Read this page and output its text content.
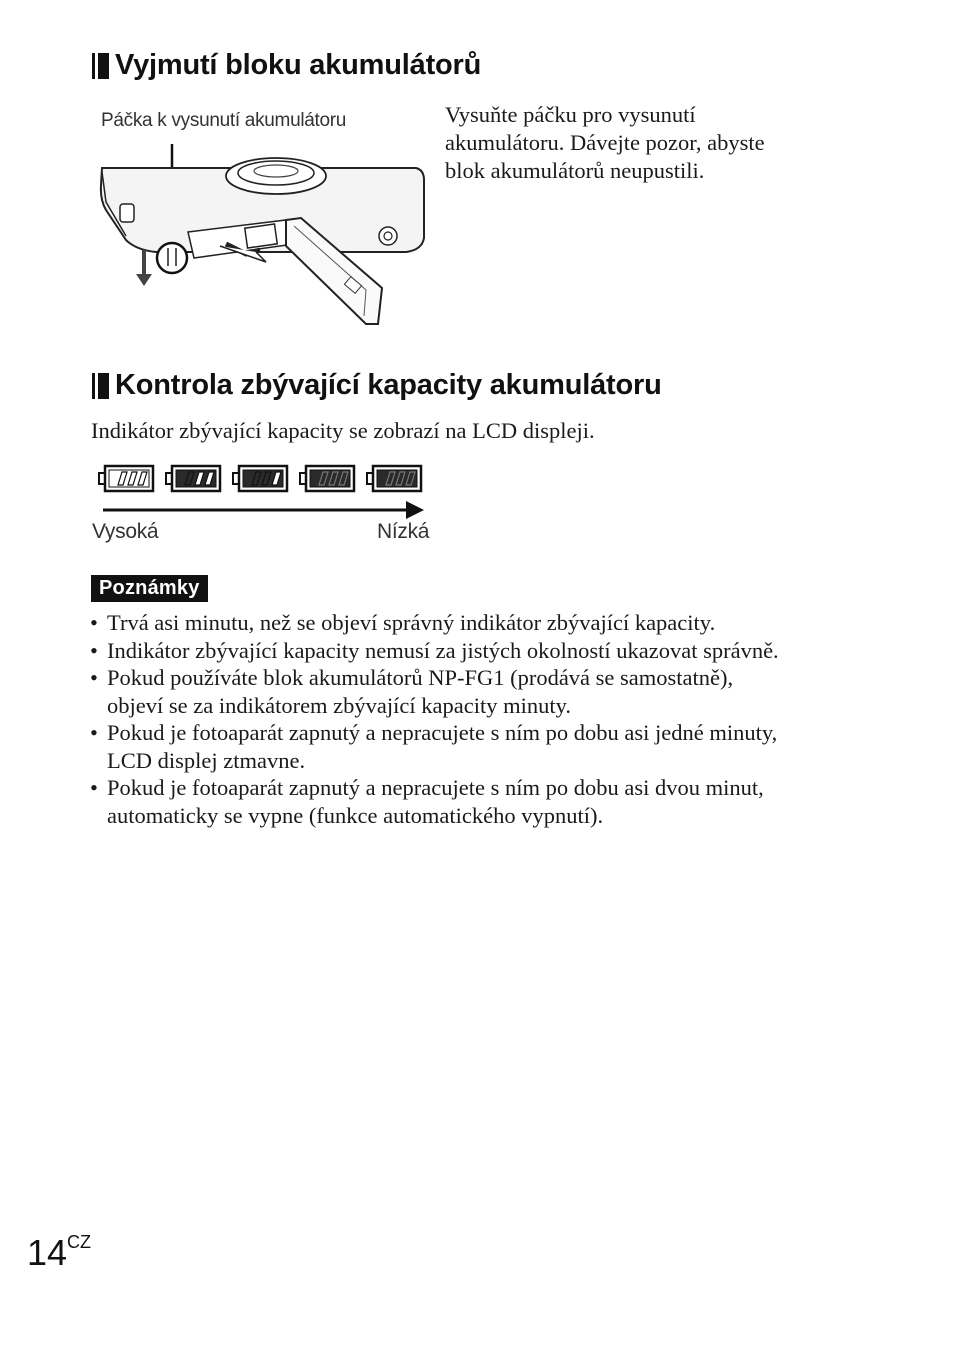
Vyjmutí bloku akumulátorů
Páčka k vysunutí akumulátoru	Vysuňte páčku pro vysunutí
akumulátoru. Dávejte pozor, abyste
blok akumulátorů neupustili.
Kontrola zbývající kapacity akumulátoru
Indikátor zbývající kapacity se zobrazí na LCD displeji.
Vysoká	Nízká
Poznámky
• Trvá asi minutu, než se objeví správný indikátor zbývající kapacity.
• Indikátor zbývající kapacity nemusí za jistých okolností ukazovat správně.
• Pokud používáte blok akumulátorů NP-FG1 (prodává se samostatně),
objeví se za indikátorem zbývající kapacity minuty.
• Pokud je fotoaparát zapnutý a nepracujete s ním po dobu asi jedné minuty,
LCD displej ztmavne.
• Pokud je fotoaparát zapnutý a nepracujete s ním po dobu asi dvou minut,
automaticky se vypne (funkce automatického vypnutí).
$14^{CZ}$
